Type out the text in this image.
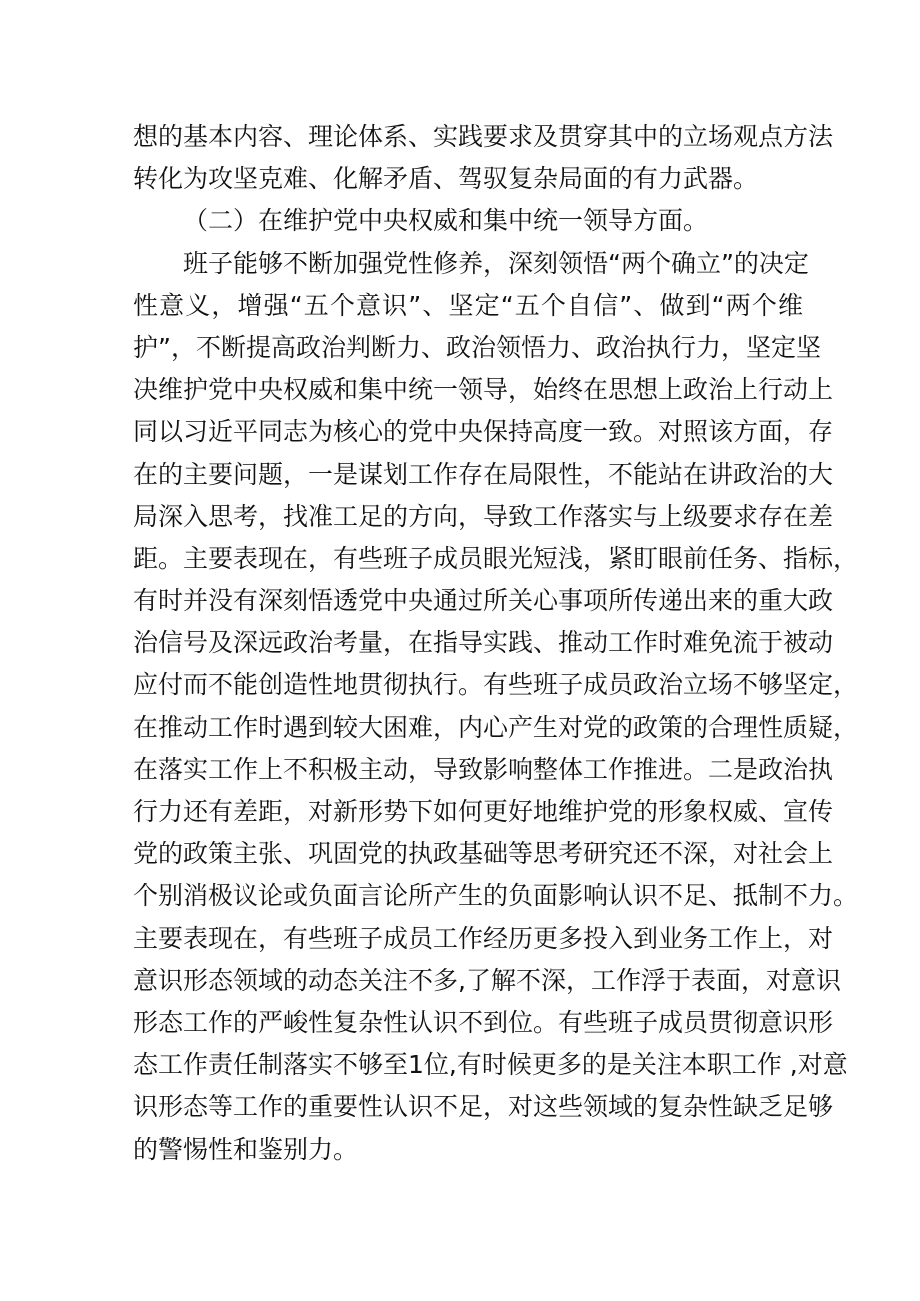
想的基本内容、理论体系、实践要求及贯穿其中的立场观点方法
转化为攻坚克难、化解矛盾、驾驭复杂局面的有力武器。
（二）在维护党中央权威和集中统一领导方面。
班子能够不断加强党性修养，深刻领悟“两个确立”的决定
性意义，增强“五个意识”、坚定“五个自信”、做到“两个维
护”，不断提高政治判断力、政治领悟力、政治执行力，坚定坚
决维护党中央权威和集中统一领导，始终在思想上政治上行动上
同以习近平同志为核心的党中央保持高度一致。对照该方面，存
在的主要问题，一是谋划工作存在局限性，不能站在讲政治的大
局深入思考，找准工足的方向，导致工作落实与上级要求存在差
距。主要表现在，有些班子成员眼光短浅，紧盯眼前任务、指标，
有时并没有深刻悟透党中央通过所关心事项所传递出来的重大政
治信号及深远政治考量，在指导实践、推动工作时难免流于被动
应付而不能创造性地贯彻执行。有些班子成员政治立场不够坚定，
在推动工作时遇到较大困难，内心产生对党的政策的合理性质疑，
在落实工作上不积极主动，导致影响整体工作推进。二是政治执
行力还有差距，对新形势下如何更好地维护党的形象权威、宣传
党的政策主张、巩固党的执政基础等思考研究还不深，对社会上
个别消极议论或负面言论所产生的负面影响认识不足、抵制不力。
主要表现在，有些班子成员工作经历更多投入到业务工作上，对
意识形态领域的动态关注不多,了解不深，工作浮于表面，对意识
形态工作的严峻性复杂性认识不到位。有些班子成员贯彻意识形
态工作责任制落实不够至1位,有时候更多的是关注本职工作 ,对意
识形态等工作的重要性认识不足，对这些领域的复杂性缺乏足够
的警惕性和鉴别力。
